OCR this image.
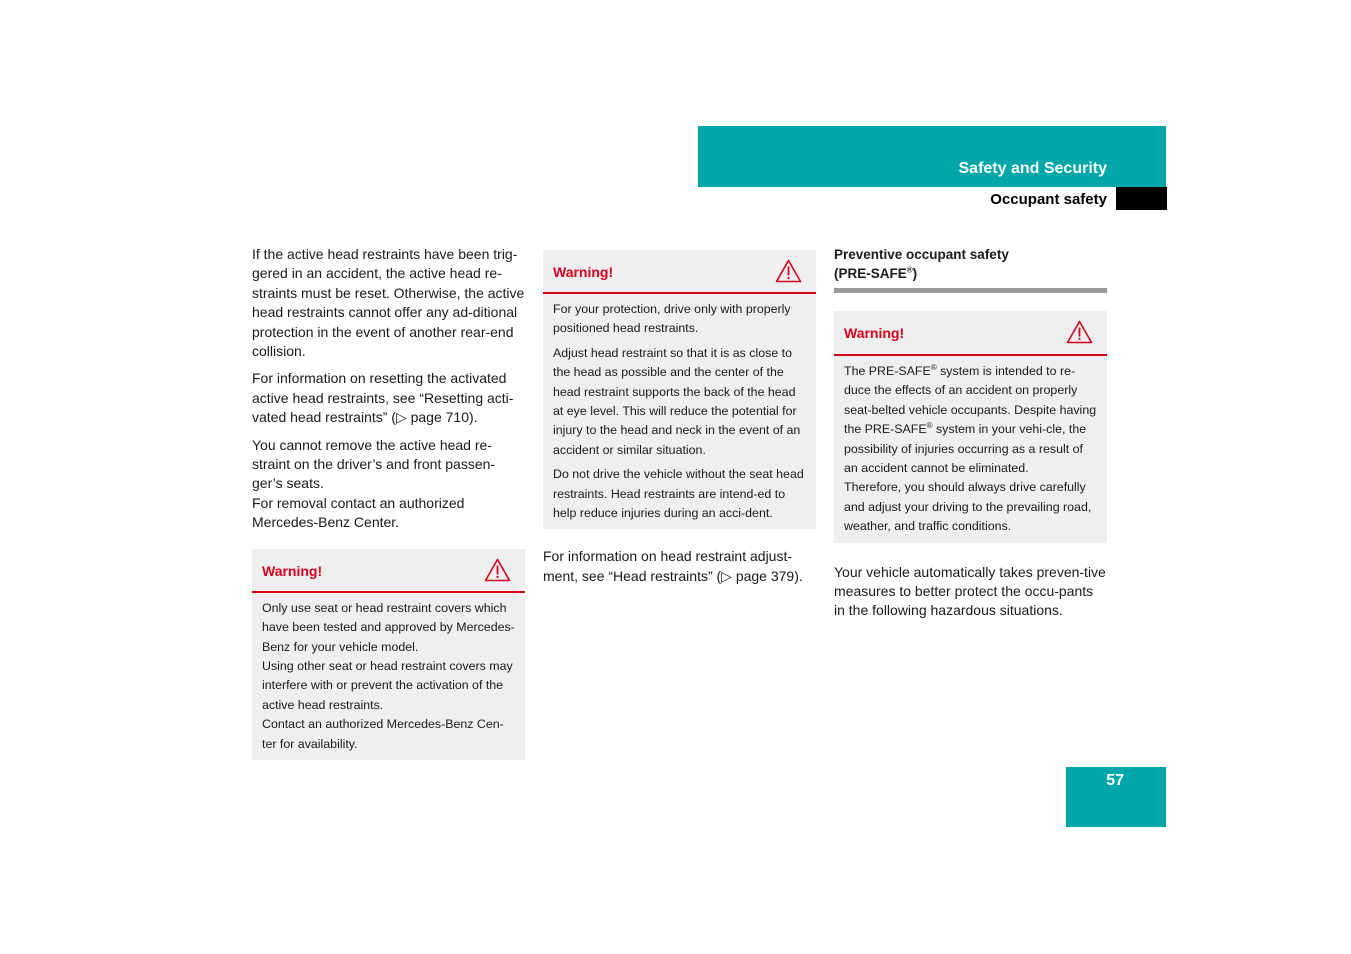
Safety and Security
Occupant safety

If the active head restraints have been trig-gered in an accident, the active head re-straints must be reset. Otherwise, the active head restraints cannot offer any ad-ditional protection in the event of another rear-end collision.

For information on resetting the activated active head restraints, see “Resetting acti-vated head restraints” (▷ page 710).

You cannot remove the active head re-straint on the driver’s and front passen-ger’s seats.

For removal contact an authorized Mercedes-Benz Center.

Warning!

Only use seat or head restraint covers which have been tested and approved by Mercedes-Benz for your vehicle model.

Using other seat or head restraint covers may interfere with or prevent the activation of the active head restraints.

Contact an authorized Mercedes-Benz Cen-ter for availability.

Warning!

For your protection, drive only with properly positioned head restraints.

Adjust head restraint so that it is as close to the head as possible and the center of the head restraint supports the back of the head at eye level. This will reduce the potential for injury to the head and neck in the event of an accident or similar situation.

Do not drive the vehicle without the seat head restraints. Head restraints are intend-ed to help reduce injuries during an acci-dent.

For information on head restraint adjust-ment, see “Head restraints” (▷ page 379).

Preventive occupant safety
(PRE-SAFE®)
Warning!

The PRE-SAFE® system is intended to re-duce the effects of an accident on properly seat-belted vehicle occupants. Despite having the PRE-SAFE® system in your vehi-cle, the possibility of injuries occurring as a result of an accident cannot be eliminated.

Therefore, you should always drive carefully and adjust your driving to the prevailing road, weather, and traffic conditions.

Your vehicle automatically takes preven-tive measures to better protect the occu-pants in the following hazardous situations.

57
